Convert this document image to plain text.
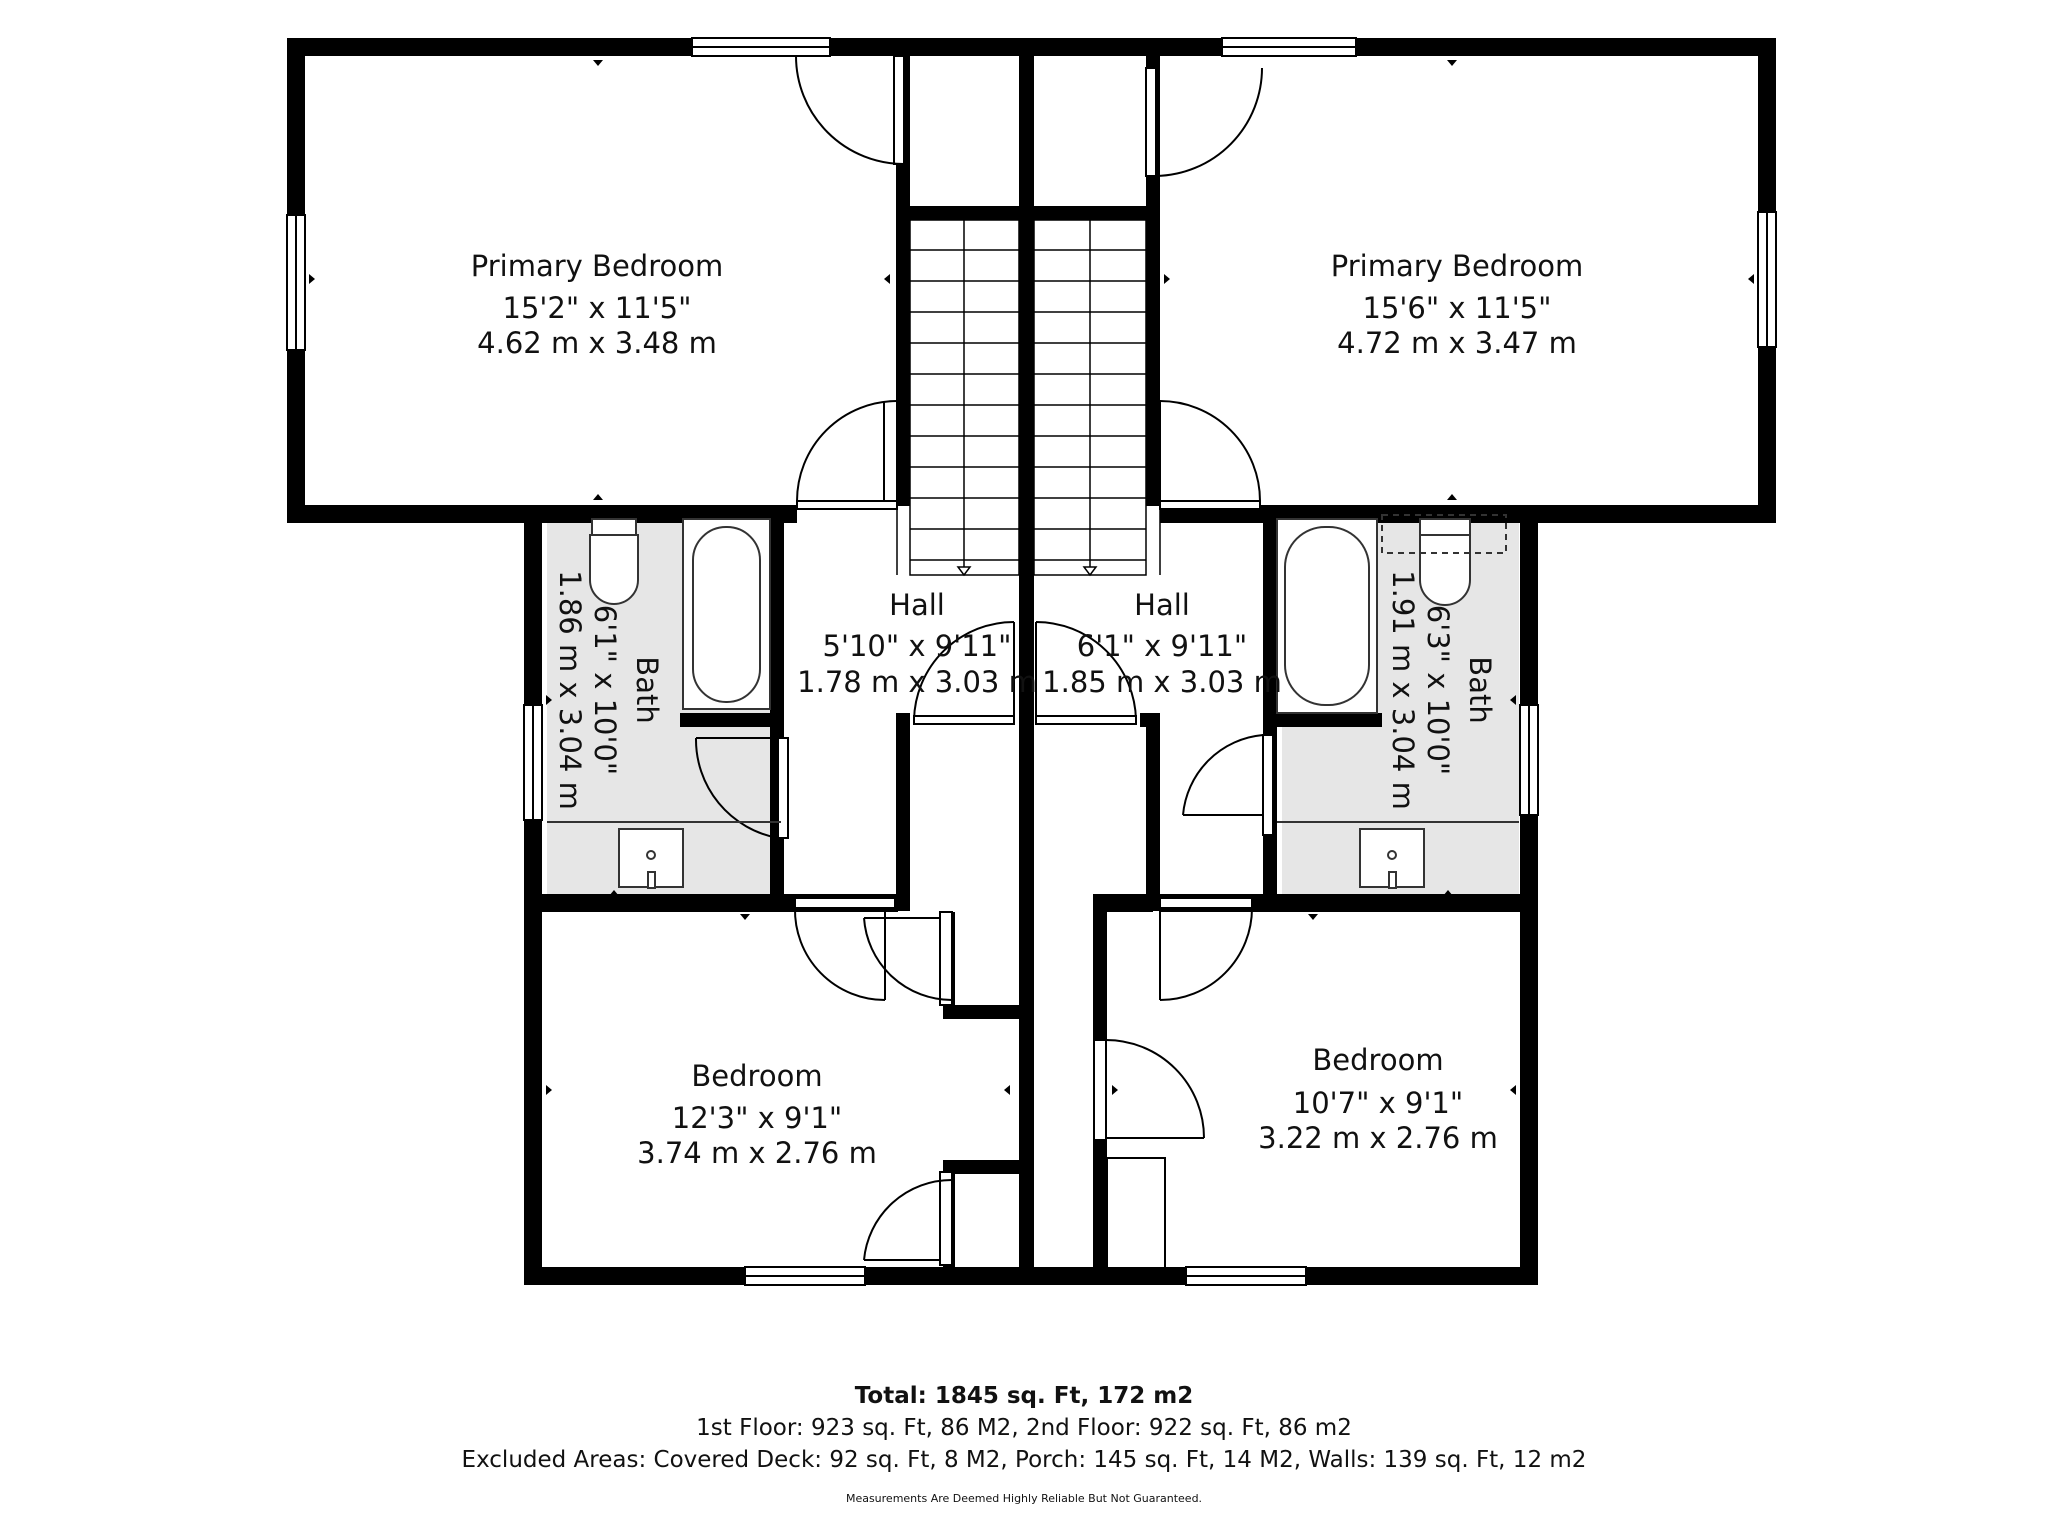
Primary Bedroom
15'2" x 11'5"
4.62 m x 3.48 m
Primary Bedroom
15'6" x 11'5"
4.72 m x 3.47 m
Hall
5'10" x 9'11"
1.78 m x 3.03 m
Hall
6'1" x 9'11"
1.85 m x 3.03 m
Bath
6'1" x 10'0"
1.86 m x 3.04 m	Bath
6'3" x 10'0"
1.91 m x 3.04 m
Bedroom
12'3" x 9'1"
3.74 m x 2.76 m
Bedroom
10'7" x 9'1"
3.22 m x 2.76 m
Total: 1845 sq. Ft, 172 m2
1st Floor: 923 sq. Ft, 86 M2, 2nd Floor: 922 sq. Ft, 86 m2
Excluded Areas: Covered Deck: 92 sq. Ft, 8 M2, Porch: 145 sq. Ft, 14 M2, Walls: 139 sq. Ft, 12 m2
Measurements Are Deemed Highly Reliable But Not Guaranteed.
